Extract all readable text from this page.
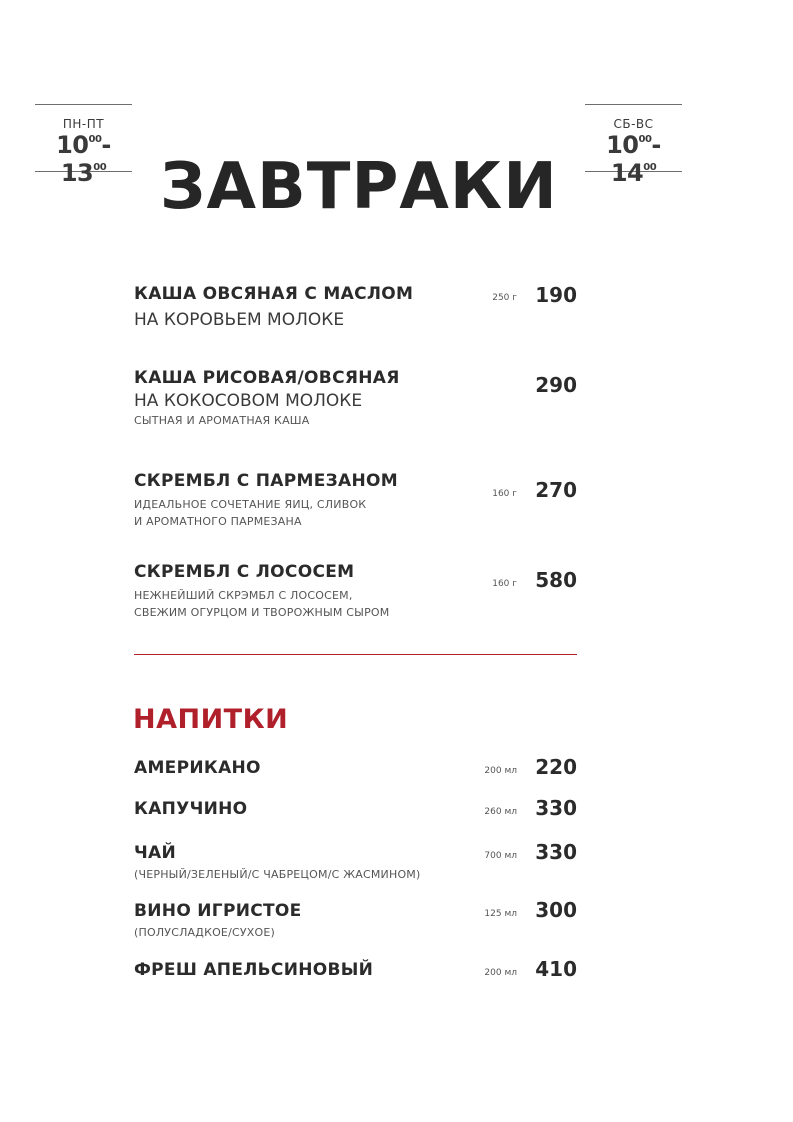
ПН-ПТ
$10^{00}-13^{00}$
СБ-ВС
$10^{00}-14^{00}$
ЗАВТРАКИ
КАША ОВСЯНАЯ С МАСЛОМ
НА КОРОВЬЕМ МОЛОКЕ
250 г 190
КАША РИСОВАЯ/ОВСЯНАЯ
НА КОКОСОВОМ МОЛОКЕ
СЫТНАЯ И АРОМАТНАЯ КАША
290
СКРЕМБЛ С ПАРМЕЗАНОМ
ИДЕАЛЬНОЕ СОЧЕТАНИЕ ЯИЦ, СЛИВОК
И АРОМАТНОГО ПАРМЕЗАНА
160 г 270
СКРЕМБЛ С ЛОСОСЕМ
НЕЖНЕЙШИЙ СКРЭМБЛ С ЛОСОСЕМ,
СВЕЖИМ ОГУРЦОМ И ТВОРОЖНЫМ СЫРОМ
160 г 580
НАПИТКИ
АМЕРИКАНО	200 мл 220
КАПУЧИНО	260 мл 330
ЧАЙ
(ЧЕРНЫЙ/ЗЕЛЕНЫЙ/С ЧАБРЕЦОМ/С ЖАСМИНОМ)
700 мл 330
ВИНО ИГРИСТОЕ
(ПОЛУСЛАДКОЕ/СУХОЕ)
125 мл 300
ФРЕШ АПЕЛЬСИНОВЫЙ	200 мл 410
